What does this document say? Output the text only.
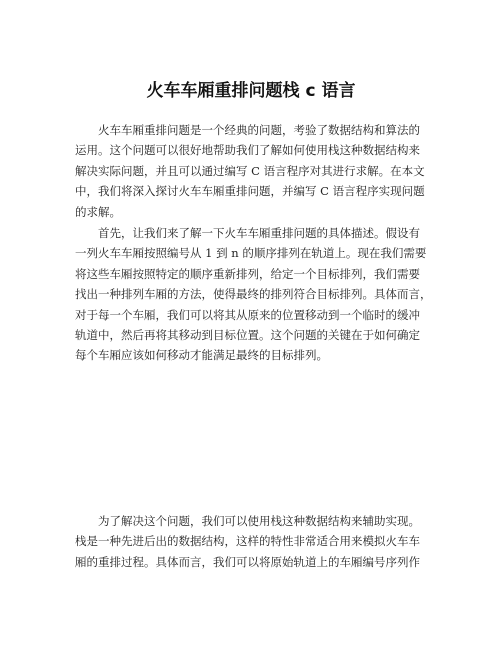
火车车厢重排问题栈 c 语言
火车车厢重排问题是一个经典的问题，考验了数据结构和算法的
运用。这个问题可以很好地帮助我们了解如何使用栈这种数据结构来
解决实际问题，并且可以通过编写 C 语言程序对其进行求解。在本文
中，我们将深入探讨火车车厢重排问题，并编写 C 语言程序实现问题
的求解。
首先，让我们来了解一下火车车厢重排问题的具体描述。假设有
一列火车车厢按照编号从 1 到 n 的顺序排列在轨道上。现在我们需要
将这些车厢按照特定的顺序重新排列，给定一个目标排列，我们需要
找出一种排列车厢的方法，使得最终的排列符合目标排列。具体而言，
对于每一个车厢，我们可以将其从原来的位置移动到一个临时的缓冲
轨道中，然后再将其移动到目标位置。这个问题的关键在于如何确定
每个车厢应该如何移动才能满足最终的目标排列。
为了解决这个问题，我们可以使用栈这种数据结构来辅助实现。
栈是一种先进后出的数据结构，这样的特性非常适合用来模拟火车车
厢的重排过程。具体而言，我们可以将原始轨道上的车厢编号序列作
